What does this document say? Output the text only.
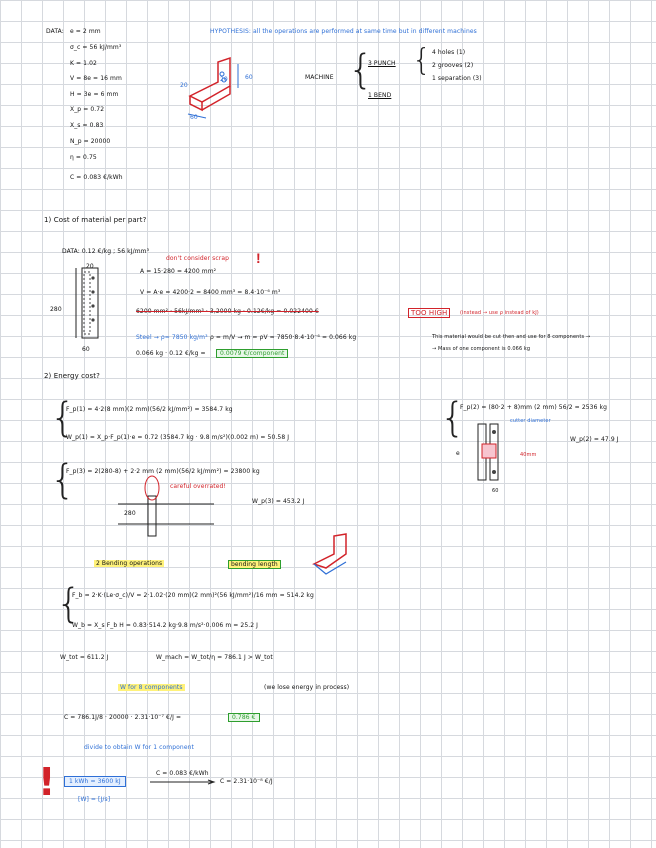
DATA: e = 2 mm
σ_c = 56 kJ/mm³
K = 1.02
V = 8e = 16 mm
H = 3e = 6 mm
X_p = 0.72
X_s = 0.83
N_p = 20000
η = 0.75
C = 0.083 €/kWh
HYPOTHESIS: all the operations are performed at same time but in different machines
20
60
60
20	MACHINE {
3 PUNCH
1 BEND
{ 4 holes (1)
2 grooves (2)
1 separation (3)
1) Cost of material per part?
DATA: 0.12 €/kg ; 56 kJ/mm³
don't consider scrap !
280
60
20
A = 15·280 = 4200 mm²
V = A·e = 4200·2 = 8400 mm³ = 8.4·10⁻⁶ m³
6200 mm² · 56kJ/mm³ · 3,2000 kg · 0.12€/kg = 0.022400 €	TOO HIGH	(instead → use ρ instead of kJ)
Steel → ρ= 7850 kg/m³ ρ = m/V → m = ρV = 7850·8.4·10⁻⁶ = 0.066 kg
0.066 kg · 0.12 €/kg =	0.0079 €/component
This material would be cut then and use for 8 components →
→ Mass of one component is 0.066 kg
2) Energy cost?
{
F_p(1) = 4·2(8 mm)(2 mm)(56/2 kJ/mm²) = 3584.7 kg
W_p(1) = X_p·F_p(1)·e = 0.72 (3584.7 kg · 9.8 m/s²)(0.002 m) = 50.58 J	{
F_p(2) = (80·2 + 8)mm (2 mm) 56/2 = 2536 kg
cutter diameter
W_p(2) = 47.9 J
e
60
40mm
{
F_p(3) = 2(280-8) + 2·2 mm (2 mm)(56/2 kJ/mm²) = 23800 kg
careful overrated!
W_p(3) = 453.2 J
280
2 Bending operations	bending length
{
F_b = 2·K·(Le·σ_c)/V = 2·1.02·(20 mm)(2 mm)²(56 kJ/mm²)/16 mm = 514.2 kg
W_b = X_s F_b H = 0.83·514.2 kg·9.8 m/s²·0.006 m = 25.2 J
W_tot = 611.2 J	W_mach = W_tot/η = 786.1 J > W_tot
(we lose energy in process)
W for 8 components
C = 786.1J/8 · 20000 · 2.31·10⁻⁷ €/J =	0.786 €
divide to obtain W for 1 component
!	1 kWh = 3600 kJ
C = 0.083 €/kWh
C = 2.31·10⁻⁸ €/J
[W] = [J/s]
